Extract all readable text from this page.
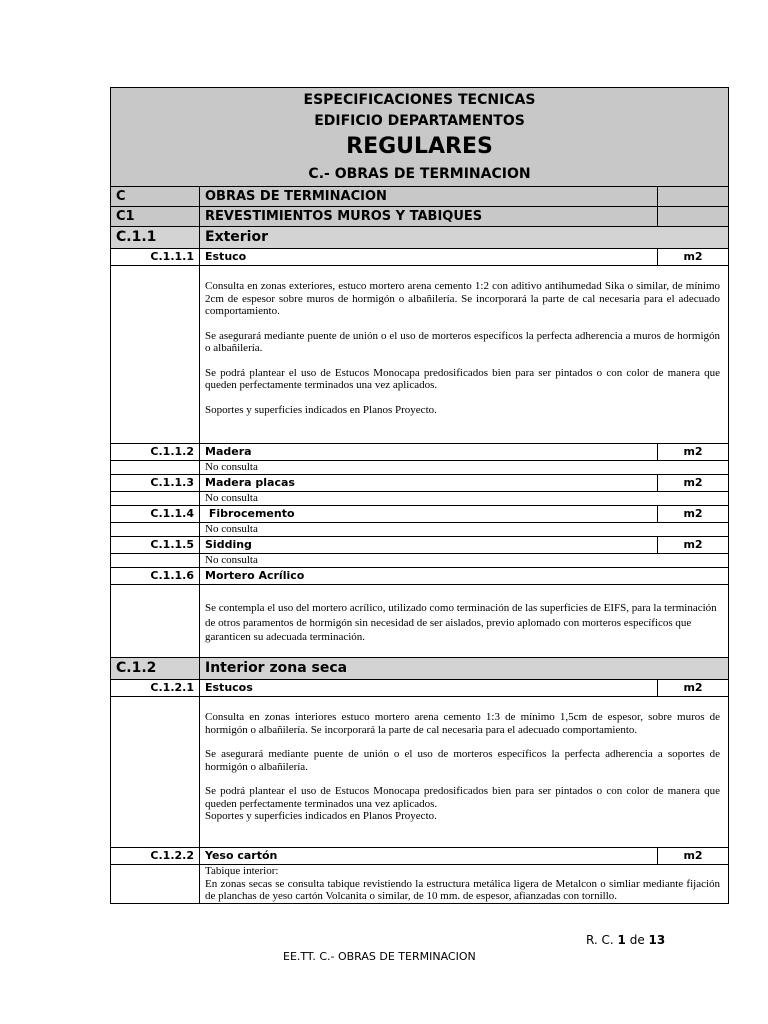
ESPECIFICACIONES TECNICAS
EDIFICIO DEPARTAMENTOS
REGULARES
C.- OBRAS DE TERMINACION		

C	OBRAS DE TERMINACION	
C1	REVESTIMIENTOS MUROS Y TABIQUES	
C.1.1	Exterior	
C.1.1.1	Estuco	m2

	Consulta en zonas exteriores, estuco mortero arena cemento 1:2 con aditivo antihumedad Sika o similar, de mínimo 2cm de espesor sobre muros de hormigón o albañilería. Se incorporará la parte de cal necesaria para el adecuado comportamiento.

Se asegurará mediante puente de unión o el uso de morteros específicos la perfecta adherencia a muros de hormigón o albañilería.

Se podrá plantear el uso de Estucos Monocapa predosificados bien para ser pintados o con color de manera que queden perfectamente terminados una vez aplicados.

Soportes y superficies indicados en Planos Proyecto.	

C.1.1.2	Madera	m2
	No consulta	
C.1.1.3	Madera placas	m2
	No consulta	
C.1.1.4	Fibrocemento	m2
	No consulta	
C.1.1.5	Sidding	m2
	No consulta	
C.1.1.6	Mortero Acrílico	
	Se contempla el uso del mortero acrílico, utilizado como terminación de las superficies de EIFS, para la terminación de otros paramentos de hormigón sin necesidad de ser aislados, previo aplomado con morteros específicos que garanticen su adecuada terminación.	
C.1.2	Interior zona seca	
C.1.2.1	Estucos	m2

	Consulta en zonas interiores estuco mortero arena cemento 1:3 de mínimo 1,5cm de espesor, sobre muros de hormigón o albañilería. Se incorporará la parte de cal necesaria para el adecuado comportamiento.

Se asegurará mediante puente de unión o el uso de morteros específicos la perfecta adherencia a soportes de hormigón o albañilería.

Se podrá plantear el uso de Estucos Monocapa predosificados bien para ser pintados o con color de manera que queden perfectamente terminados una vez aplicados.

Soportes y superficies indicados en Planos Proyecto.	

C.1.2.2	Yeso cartón	m2

	Tabique interior:

En zonas secas se consulta tabique revistiendo la estructura metálica ligera de Metalcon o simliar mediante fijación de planchas de yeso cartón Volcanita o similar, de 10 mm. de espesor, afianzadas con tornillo.	

R. C. 1 de 13
EE.TT. C.- OBRAS DE TERMINACION
